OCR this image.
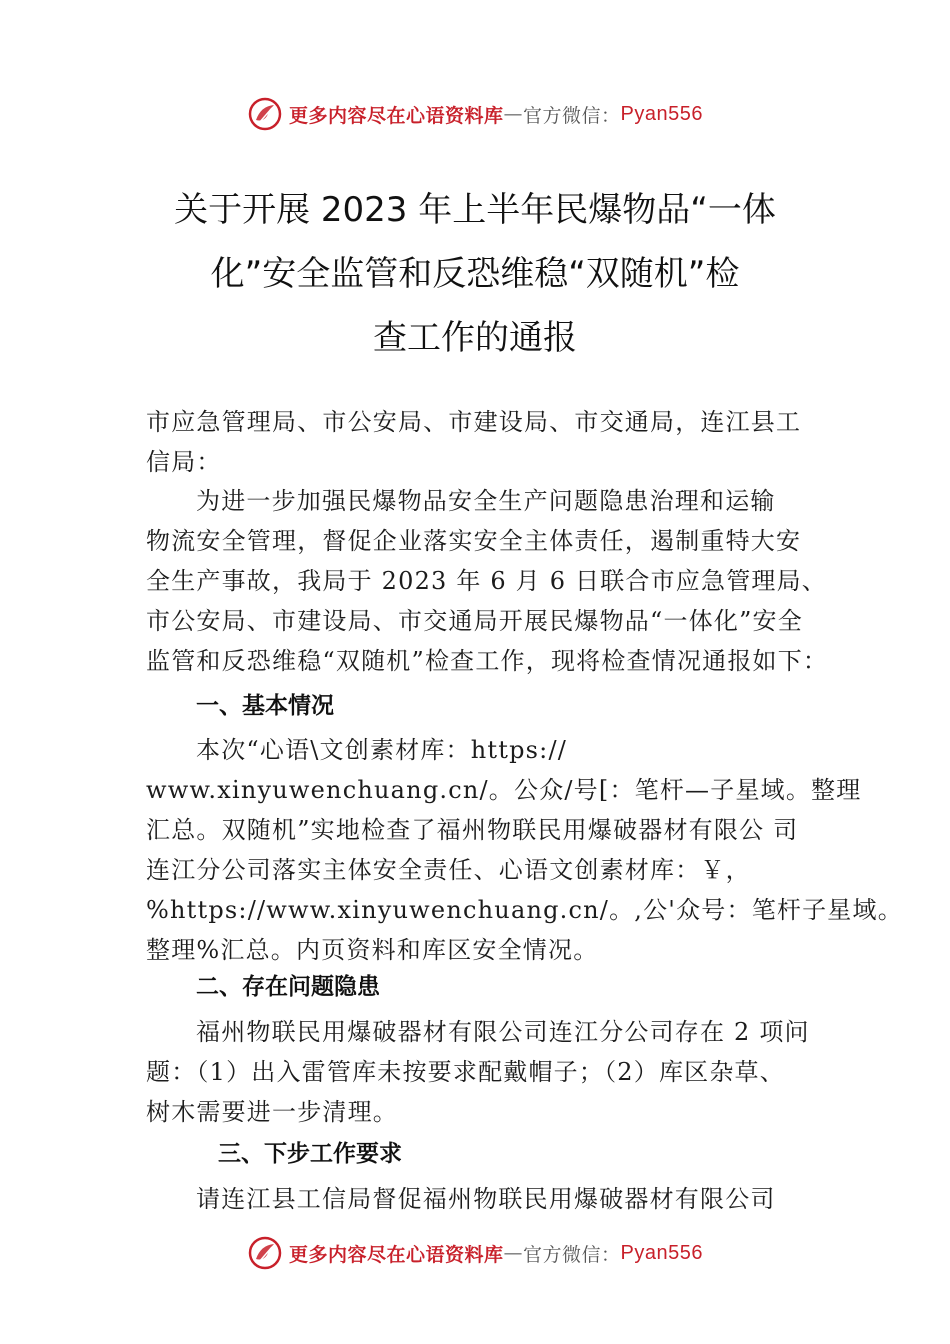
更多内容尽在心语资料库 — 官方微信： Pyan556
关于开展 2023 年上半年民爆物品“一体
化”安全监管和反恐维稳“双随机”检
查工作的通报
市应急管理局、市公安局、市建设局、市交通局，连江县工
信局：
为进一步加强民爆物品安全生产问题隐患治理和运输
物流安全管理，督促企业落实安全主体责任，遏制重特大安
全生产事故，我局于 2023 年 6 月 6 日联合市应急管理局、
市公安局、市建设局、市交通局开展民爆物品“一体化”安全
监管和反恐维稳“双随机”检查工作，现将检查情况通报如下：
一、基本情况
本次“心语\文创素材库：https://
www.xinyuwenchuang.cn/。公众/号[：笔杆—子星域。整理
汇总。双随机”实地检查了福州物联民用爆破器材有限公 司
连江分公司落实主体安全责任、心语文创素材库：￥，
%https://www.xinyuwenchuang.cn/。,公'众号：笔杆子星域。
整理%汇总。内页资料和库区安全情况。
二、存在问题隐患
福州物联民用爆破器材有限公司连江分公司存在 2 项问
题：（1）出入雷管库未按要求配戴帽子；（2）库区杂草、
树木需要进一步清理。
三、下步工作要求
请连江县工信局督促福州物联民用爆破器材有限公司
更多内容尽在心语资料库 — 官方微信： Pyan556
